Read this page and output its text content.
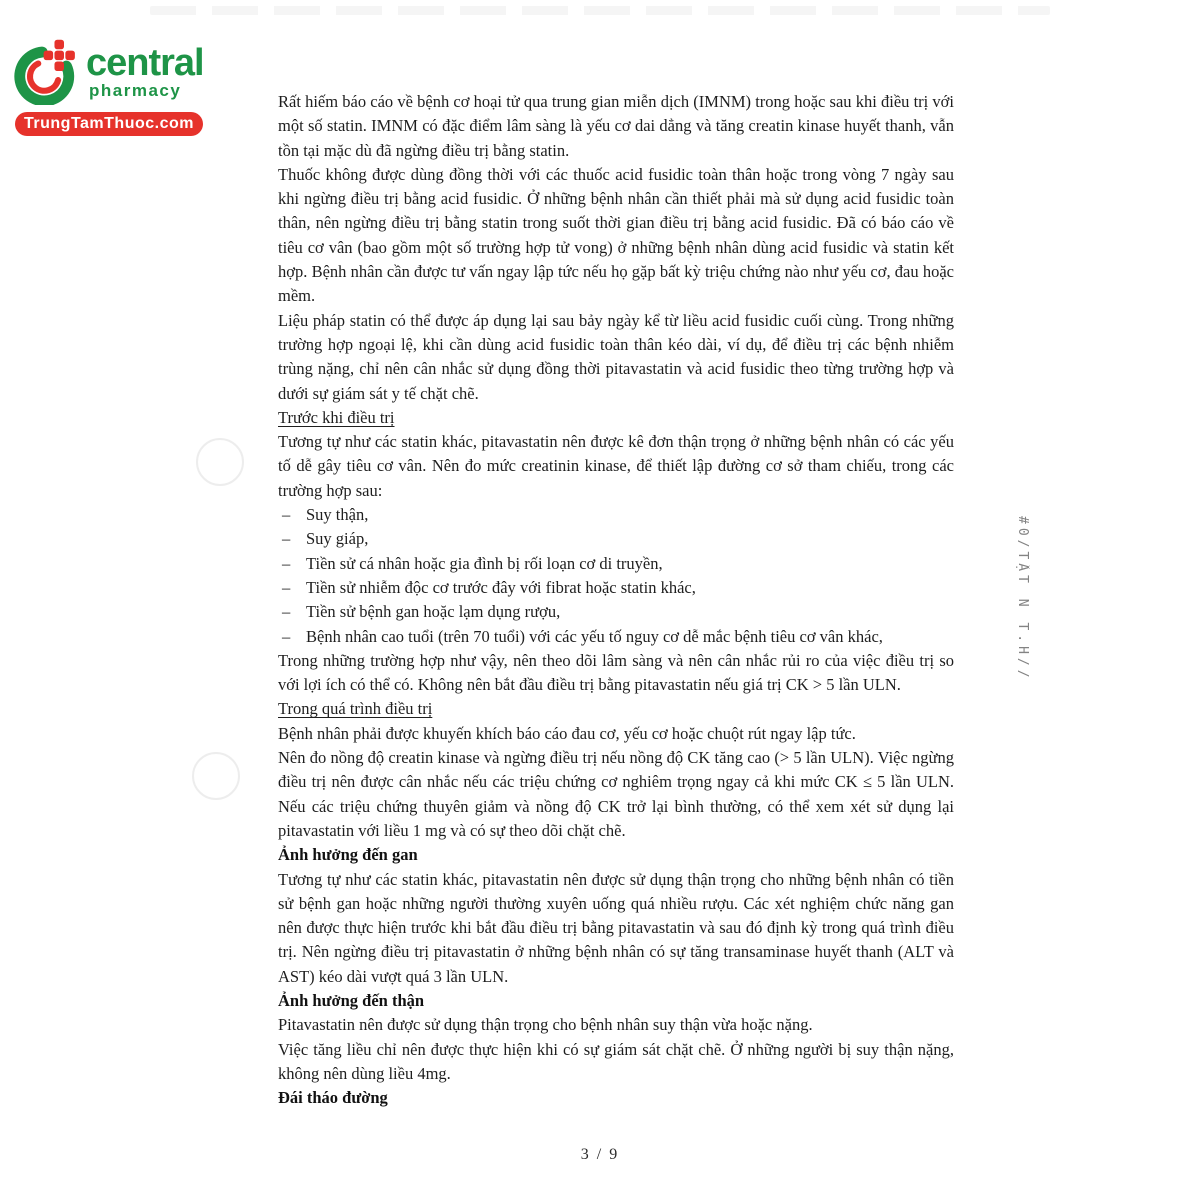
central
pharmacy
TrungTamThuoc.com
Rất hiếm báo cáo về bệnh cơ hoại tử qua trung gian miễn dịch (IMNM) trong hoặc sau khi điều trị với một số statin. IMNM có đặc điểm lâm sàng là yếu cơ dai dẳng và tăng creatin kinase huyết thanh, vẫn tồn tại mặc dù đã ngừng điều trị bằng statin.
Thuốc không được dùng đồng thời với các thuốc acid fusidic toàn thân hoặc trong vòng 7 ngày sau khi ngừng điều trị bằng acid fusidic. Ở những bệnh nhân cần thiết phải mà sử dụng acid fusidic toàn thân, nên ngừng điều trị bằng statin trong suốt thời gian điều trị bằng acid fusidic. Đã có báo cáo về tiêu cơ vân (bao gồm một số trường hợp tử vong) ở những bệnh nhân dùng acid fusidic và statin kết hợp. Bệnh nhân cần được tư vấn ngay lập tức nếu họ gặp bất kỳ triệu chứng nào như yếu cơ, đau hoặc mềm.
Liệu pháp statin có thể được áp dụng lại sau bảy ngày kể từ liều acid fusidic cuối cùng. Trong những trường hợp ngoại lệ, khi cần dùng acid fusidic toàn thân kéo dài, ví dụ, để điều trị các bệnh nhiễm trùng nặng, chỉ nên cân nhắc sử dụng đồng thời pitavastatin và acid fusidic theo từng trường hợp và dưới sự giám sát y tế chặt chẽ.
Trước khi điều trị
Tương tự như các statin khác, pitavastatin nên được kê đơn thận trọng ở những bệnh nhân có các yếu tố dễ gây tiêu cơ vân. Nên đo mức creatinin kinase, để thiết lập đường cơ sở tham chiếu, trong các trường hợp sau:
– Suy thận,
– Suy giáp,
– Tiền sử cá nhân hoặc gia đình bị rối loạn cơ di truyền,
– Tiền sử nhiễm độc cơ trước đây với fibrat hoặc statin khác,
– Tiền sử bệnh gan hoặc lạm dụng rượu,
– Bệnh nhân cao tuổi (trên 70 tuổi) với các yếu tố nguy cơ dễ mắc bệnh tiêu cơ vân khác,
Trong những trường hợp như vậy, nên theo dõi lâm sàng và nên cân nhắc rủi ro của việc điều trị so với lợi ích có thể có. Không nên bắt đầu điều trị bằng pitavastatin nếu giá trị CK > 5 lần ULN.
Trong quá trình điều trị
Bệnh nhân phải được khuyến khích báo cáo đau cơ, yếu cơ hoặc chuột rút ngay lập tức.
Nên đo nồng độ creatin kinase và ngừng điều trị nếu nồng độ CK tăng cao (> 5 lần ULN). Việc ngừng điều trị nên được cân nhắc nếu các triệu chứng cơ nghiêm trọng ngay cả khi mức CK ≤ 5 lần ULN. Nếu các triệu chứng thuyên giảm và nồng độ CK trở lại bình thường, có thể xem xét sử dụng lại pitavastatin với liều 1 mg và có sự theo dõi chặt chẽ.
Ảnh hưởng đến gan
Tương tự như các statin khác, pitavastatin nên được sử dụng thận trọng cho những bệnh nhân có tiền sử bệnh gan hoặc những người thường xuyên uống quá nhiều rượu. Các xét nghiệm chức năng gan nên được thực hiện trước khi bắt đầu điều trị bằng pitavastatin và sau đó định kỳ trong quá trình điều trị. Nên ngừng điều trị pitavastatin ở những bệnh nhân có sự tăng transaminase huyết thanh (ALT và AST) kéo dài vượt quá 3 lần ULN.
Ảnh hưởng đến thận
Pitavastatin nên được sử dụng thận trọng cho bệnh nhân suy thận vừa hoặc nặng.
Việc tăng liều chỉ nên được thực hiện khi có sự giám sát chặt chẽ. Ở những người bị suy thận nặng, không nên dùng liều 4mg.
Đái tháo đường
#0/TẬT N T.H//
3 / 9
